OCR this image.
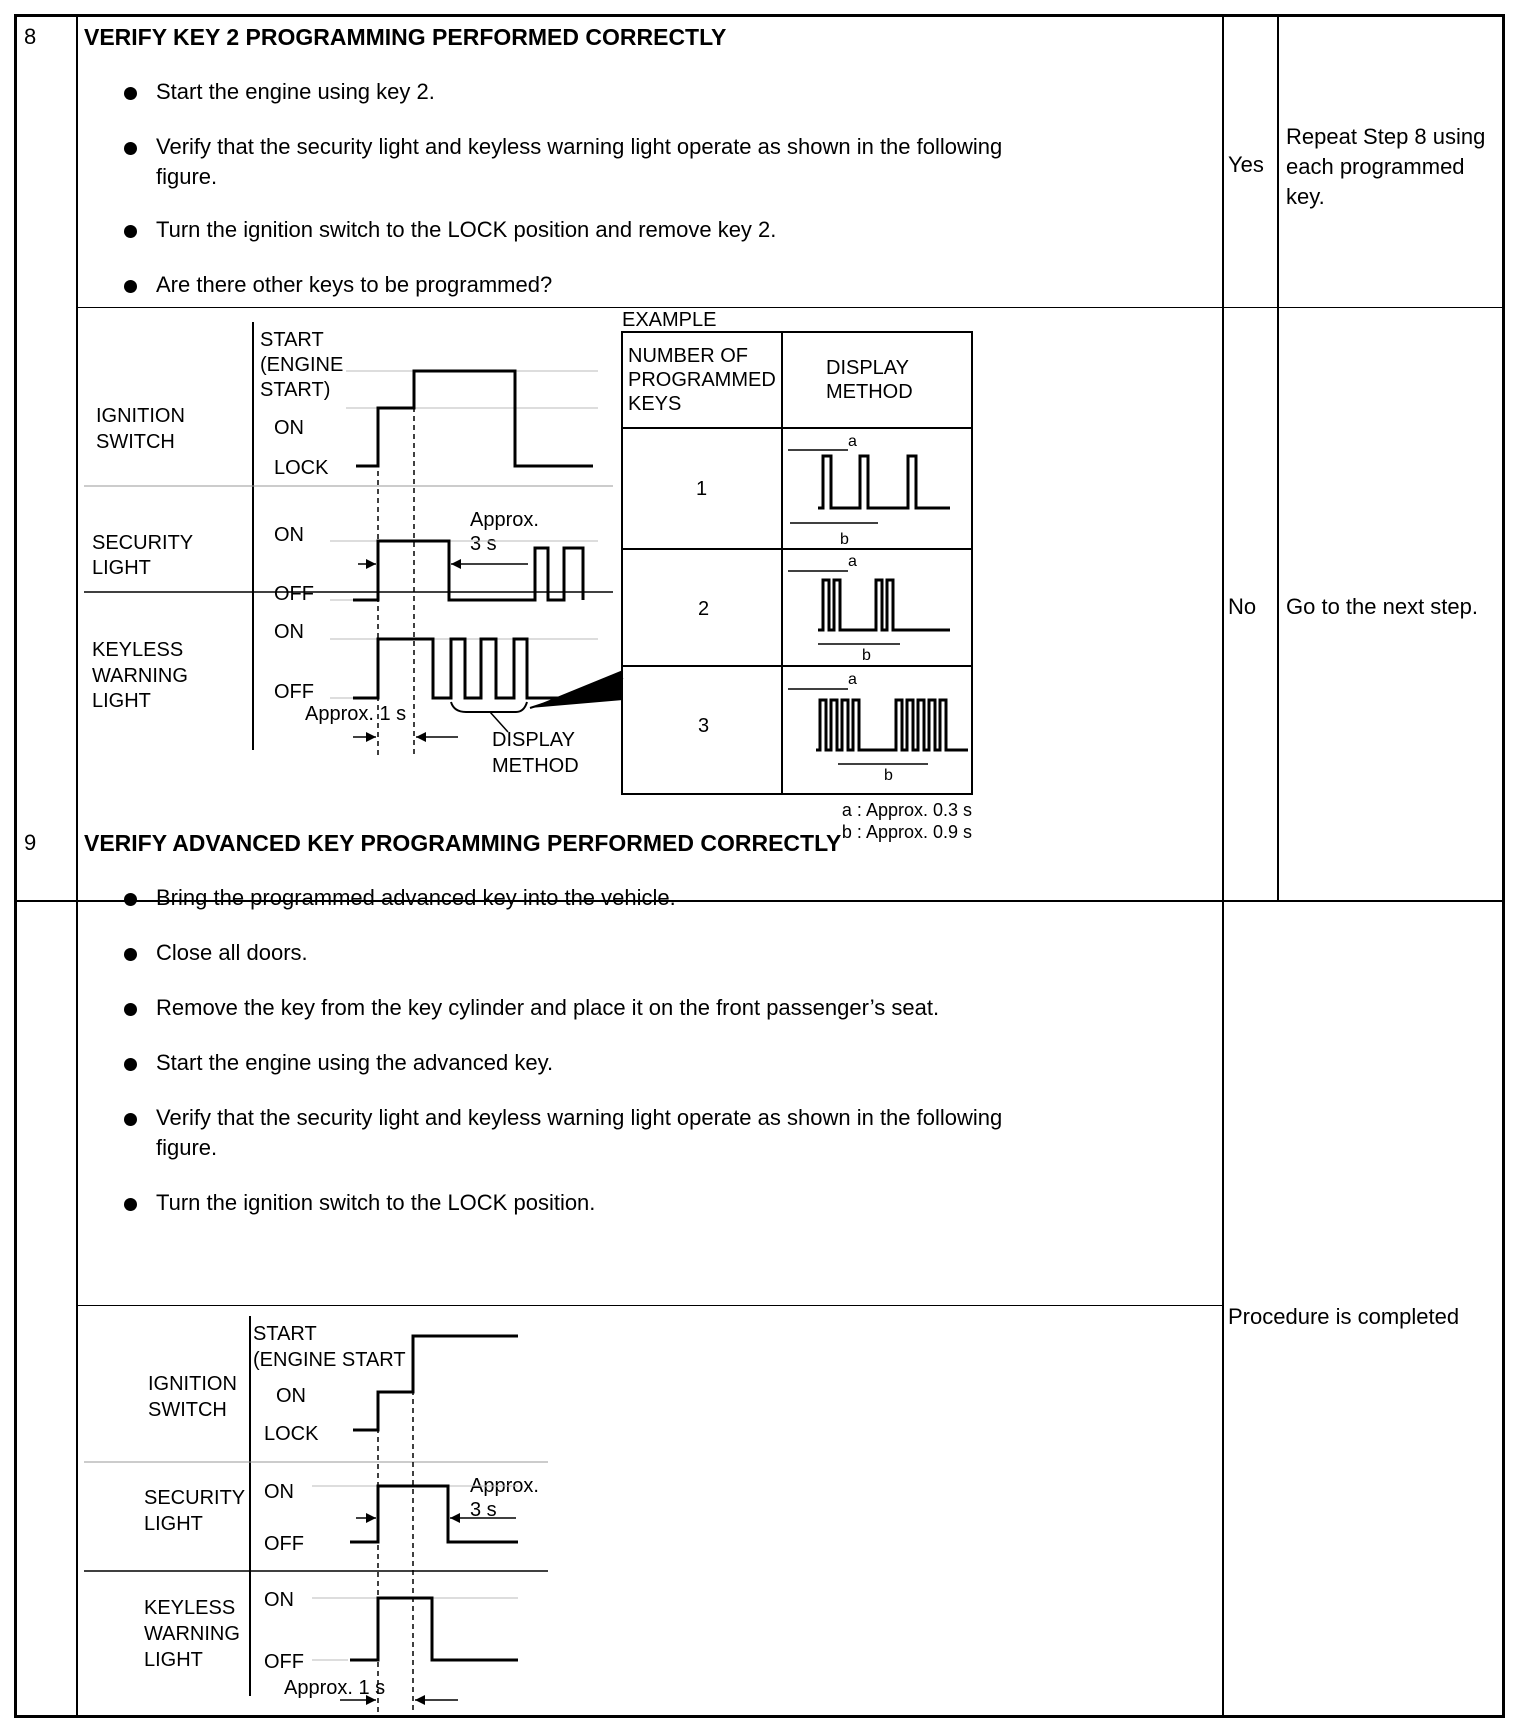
8 VERIFY KEY 2 PROGRAMMING PERFORMED CORRECTLY
Start the engine using key 2.
Verify that the security light and keyless warning light operate as shown in the following figure.
Turn the ignition switch to the LOCK position and remove key 2.
Are there other keys to be programmed?
Yes
Repeat Step 8 using each programmed key.
No Go to the next step.
IGNITION
SWITCH
SECURITY
LIGHT
KEYLESS
WARNING
LIGHT
START
(ENGINE
START)
ON
LOCK
ON
OFF
ON
OFF
Approx.
3 s
Approx. 1 s
DISPLAY
METHOD
EXAMPLE
NUMBER OF
PROGRAMMED
KEYS
DISPLAY
METHOD
1
2
3
a
b
a
b
a
b
a : Approx. 0.3 s
b : Approx. 0.9 s
9 VERIFY ADVANCED KEY PROGRAMMING PERFORMED CORRECTLY
Bring the programmed advanced key into the vehicle.
Close all doors.
Remove the key from the key cylinder and place it on the front passenger’s seat.
Start the engine using the advanced key.
Verify that the security light and keyless warning light operate as shown in the following figure.
Turn the ignition switch to the LOCK position.
Procedure is completed
IGNITION
SWITCH
SECURITY
LIGHT
KEYLESS
WARNING
LIGHT
START
(ENGINE START
ON
LOCK
ON
OFF
ON
OFF
Approx.
3 s
Approx. 1 s
